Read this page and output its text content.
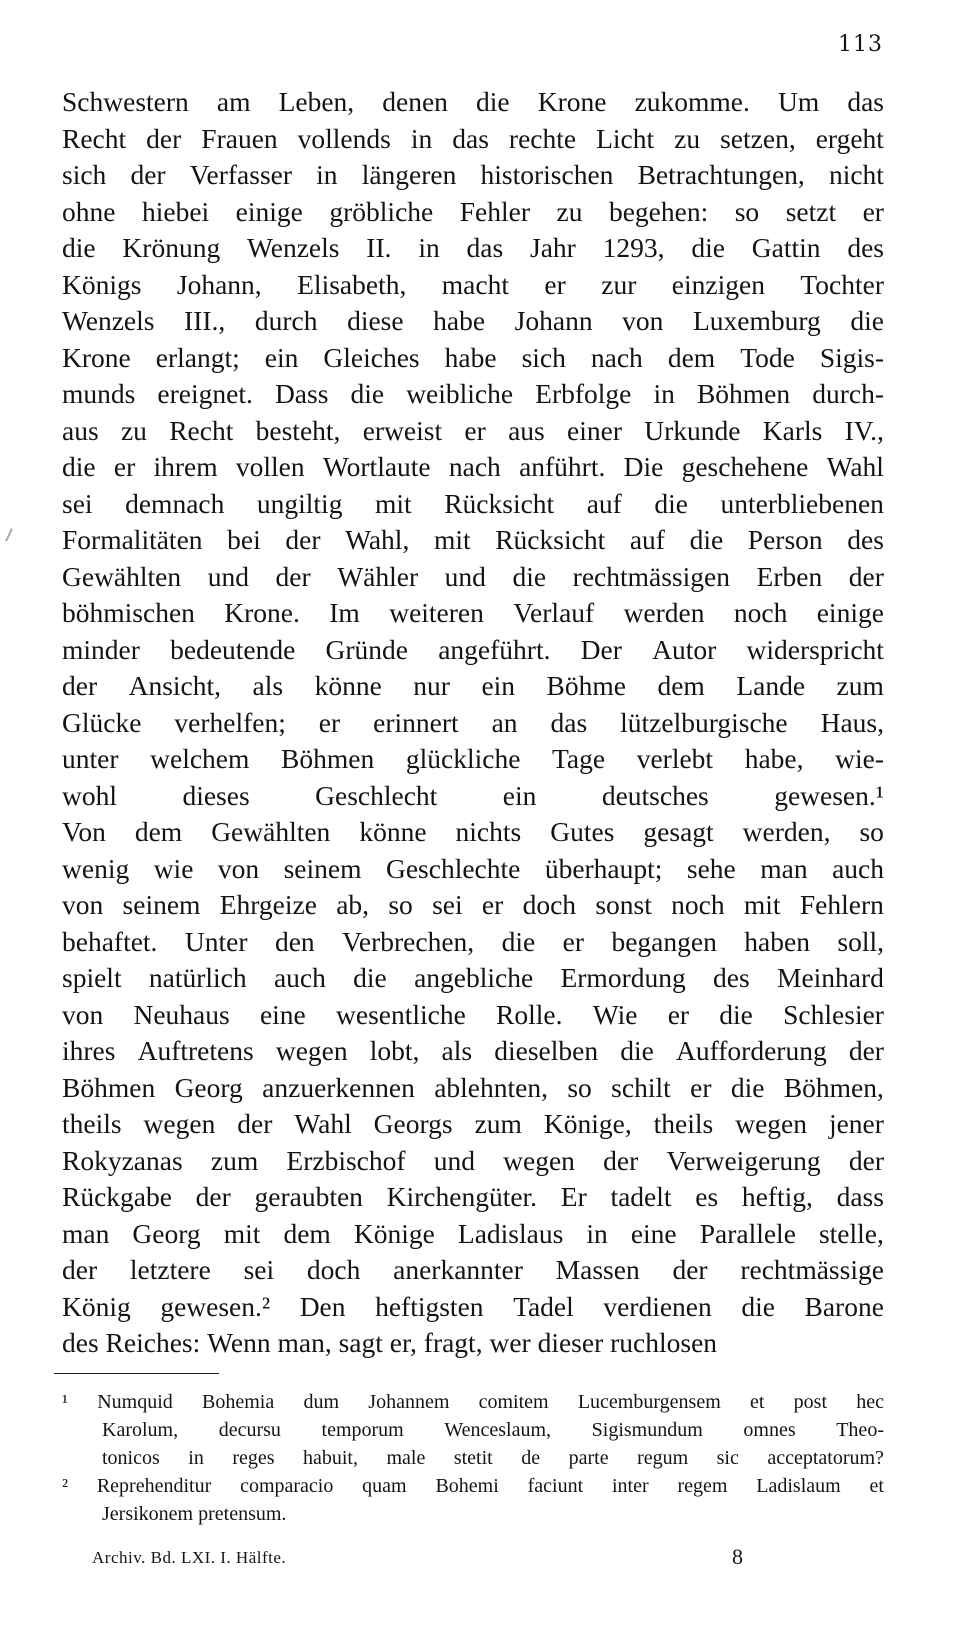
113
Schwestern am Leben, denen die Krone zukomme. Um das
Recht der Frauen vollends in das rechte Licht zu setzen, ergeht
sich der Verfasser in längeren historischen Betrachtungen, nicht
ohne hiebei einige gröbliche Fehler zu begehen: so setzt er
die Krönung Wenzels II. in das Jahr 1293, die Gattin des
Königs Johann, Elisabeth, macht er zur einzigen Tochter
Wenzels III., durch diese habe Johann von Luxemburg die
Krone erlangt; ein Gleiches habe sich nach dem Tode Sigis-
munds ereignet. Dass die weibliche Erbfolge in Böhmen durch-
aus zu Recht besteht, erweist er aus einer Urkunde Karls IV.,
die er ihrem vollen Wortlaute nach anführt. Die geschehene Wahl
sei demnach ungiltig mit Rücksicht auf die unterbliebenen
Formalitäten bei der Wahl, mit Rücksicht auf die Person des
Gewählten und der Wähler und die rechtmässigen Erben der
böhmischen Krone. Im weiteren Verlauf werden noch einige
minder bedeutende Gründe angeführt. Der Autor widerspricht
der Ansicht, als könne nur ein Böhme dem Lande zum
Glücke verhelfen; er erinnert an das lützelburgische Haus,
unter welchem Böhmen glückliche Tage verlebt habe, wie-
wohl dieses Geschlecht ein deutsches gewesen.¹
Von dem Gewählten könne nichts Gutes gesagt werden, so
wenig wie von seinem Geschlechte überhaupt; sehe man auch
von seinem Ehrgeize ab, so sei er doch sonst noch mit Fehlern
behaftet. Unter den Verbrechen, die er begangen haben soll,
spielt natürlich auch die angebliche Ermordung des Meinhard
von Neuhaus eine wesentliche Rolle. Wie er die Schlesier
ihres Auftretens wegen lobt, als dieselben die Aufforderung der
Böhmen Georg anzuerkennen ablehnten, so schilt er die Böhmen,
theils wegen der Wahl Georgs zum Könige, theils wegen jener
Rokyzanas zum Erzbischof und wegen der Verweigerung der
Rückgabe der geraubten Kirchengüter. Er tadelt es heftig, dass
man Georg mit dem Könige Ladislaus in eine Parallele stelle,
der letztere sei doch anerkannter Massen der rechtmässige
König gewesen.² Den heftigsten Tadel verdienen die Barone
des
Reiches:
Wenn
man,
sagt
er,
fragt,
wer
dieser
ruchlosen

¹ Numquid Bohemia dum Johannem comitem Lucemburgensem et post hec
Karolum, decursu temporum Wenceslaum, Sigismundum omnes Theo-
tonicos in reges habuit, male stetit de parte regum sic acceptatorum?
² Reprehenditur comparacio quam Bohemi faciunt inter regem Ladislaum et
Jersikonem
pretensum.

Archiv. Bd. LXI. I. Hälfte.	8
